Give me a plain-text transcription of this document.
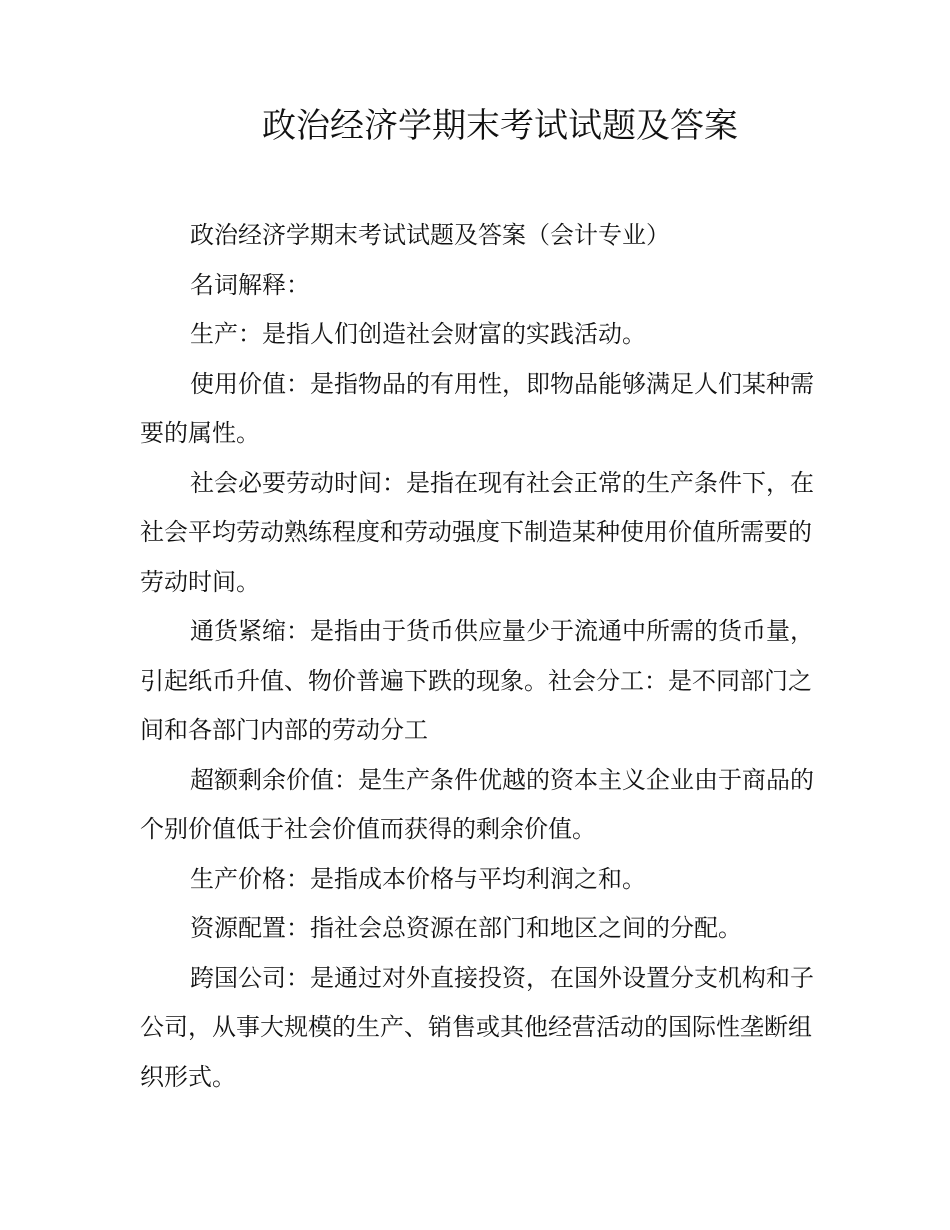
政治经济学期末考试试题及答案

政治经济学期末考试试题及答案（会计专业）

名词解释：

生产：是指人们创造社会财富的实践活动。

使用价值：是指物品的有用性，即物品能够满足人们某种需要的属性。

社会必要劳动时间：是指在现有社会正常的生产条件下，在社会平均劳动熟练程度和劳动强度下制造某种使用价值所需要的劳动时间。

通货紧缩：是指由于货币供应量少于流通中所需的货币量，引起纸币升值、物价普遍下跌的现象。社会分工：是不同部门之间和各部门内部的劳动分工

超额剩余价值：是生产条件优越的资本主义企业由于商品的个别价值低于社会价值而获得的剩余价值。

生产价格：是指成本价格与平均利润之和。

资源配置：指社会总资源在部门和地区之间的分配。

跨国公司：是通过对外直接投资，在国外设置分支机构和子公司，从事大规模的生产、销售或其他经营活动的国际性垄断组织形式。
